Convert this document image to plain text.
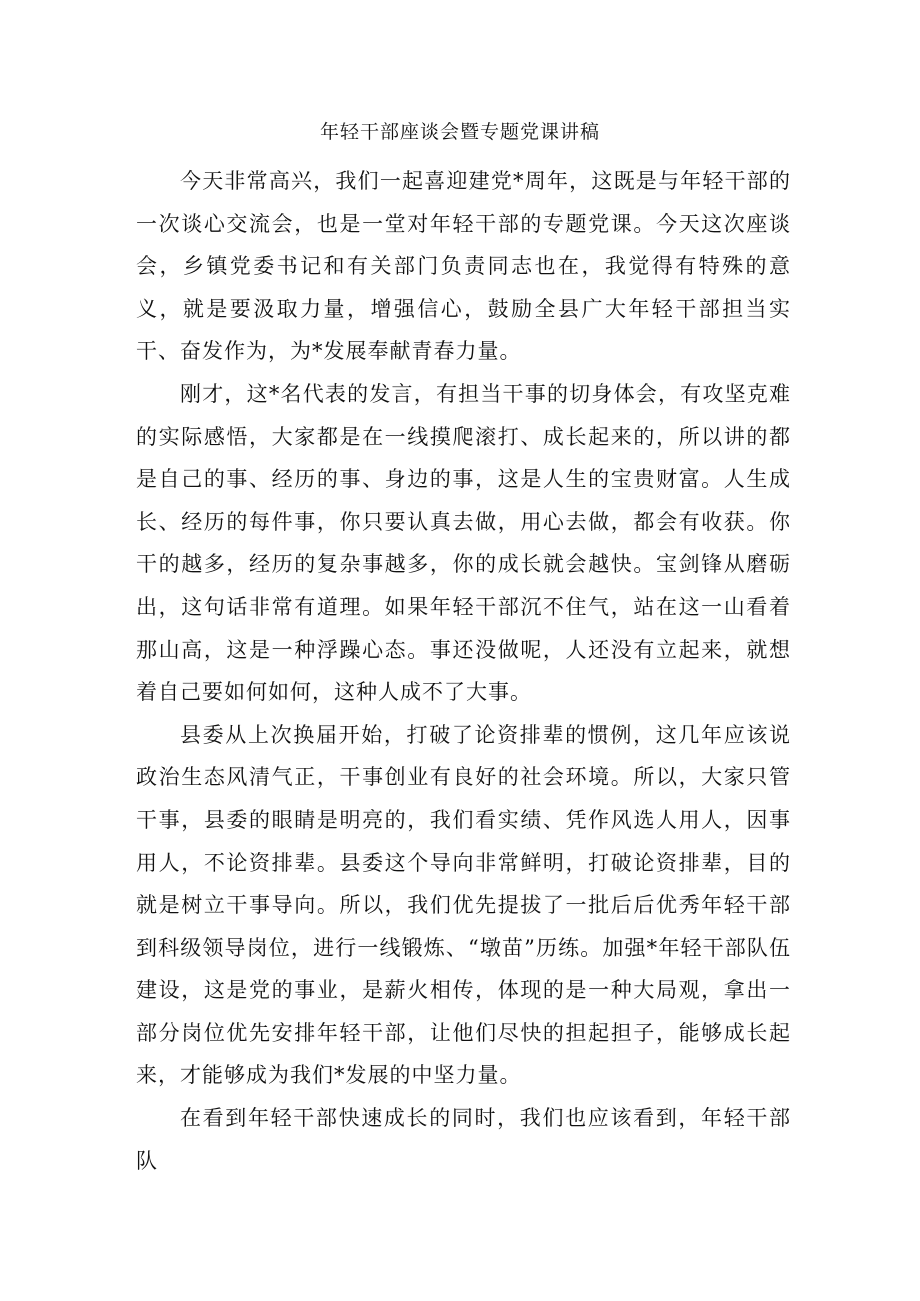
年轻干部座谈会暨专题党课讲稿

今天非常高兴，我们一起喜迎建党*周年，这既是与年轻干部的一次谈心交流会，也是一堂对年轻干部的专题党课。今天这次座谈会，乡镇党委书记和有关部门负责同志也在，我觉得有特殊的意义，就是要汲取力量，增强信心，鼓励全县广大年轻干部担当实干、奋发作为，为*发展奉献青春力量。

刚才，这*名代表的发言，有担当干事的切身体会，有攻坚克难的实际感悟，大家都是在一线摸爬滚打、成长起来的，所以讲的都是自己的事、经历的事、身边的事，这是人生的宝贵财富。人生成长、经历的每件事，你只要认真去做，用心去做，都会有收获。你干的越多，经历的复杂事越多，你的成长就会越快。宝剑锋从磨砺出，这句话非常有道理。如果年轻干部沉不住气，站在这一山看着那山高，这是一种浮躁心态。事还没做呢，人还没有立起来，就想着自己要如何如何，这种人成不了大事。

县委从上次换届开始，打破了论资排辈的惯例，这几年应该说政治生态风清气正，干事创业有良好的社会环境。所以，大家只管干事，县委的眼睛是明亮的，我们看实绩、凭作风选人用人，因事用人，不论资排辈。县委这个导向非常鲜明，打破论资排辈，目的就是树立干事导向。所以，我们优先提拔了一批后后优秀年轻干部到科级领导岗位，进行一线锻炼、“墩苗”历练。加强*年轻干部队伍建设，这是党的事业，是薪火相传，体现的是一种大局观，拿出一部分岗位优先安排年轻干部，让他们尽快的担起担子，能够成长起来，才能够成为我们*发展的中坚力量。

在看到年轻干部快速成长的同时，我们也应该看到，年轻干部队
